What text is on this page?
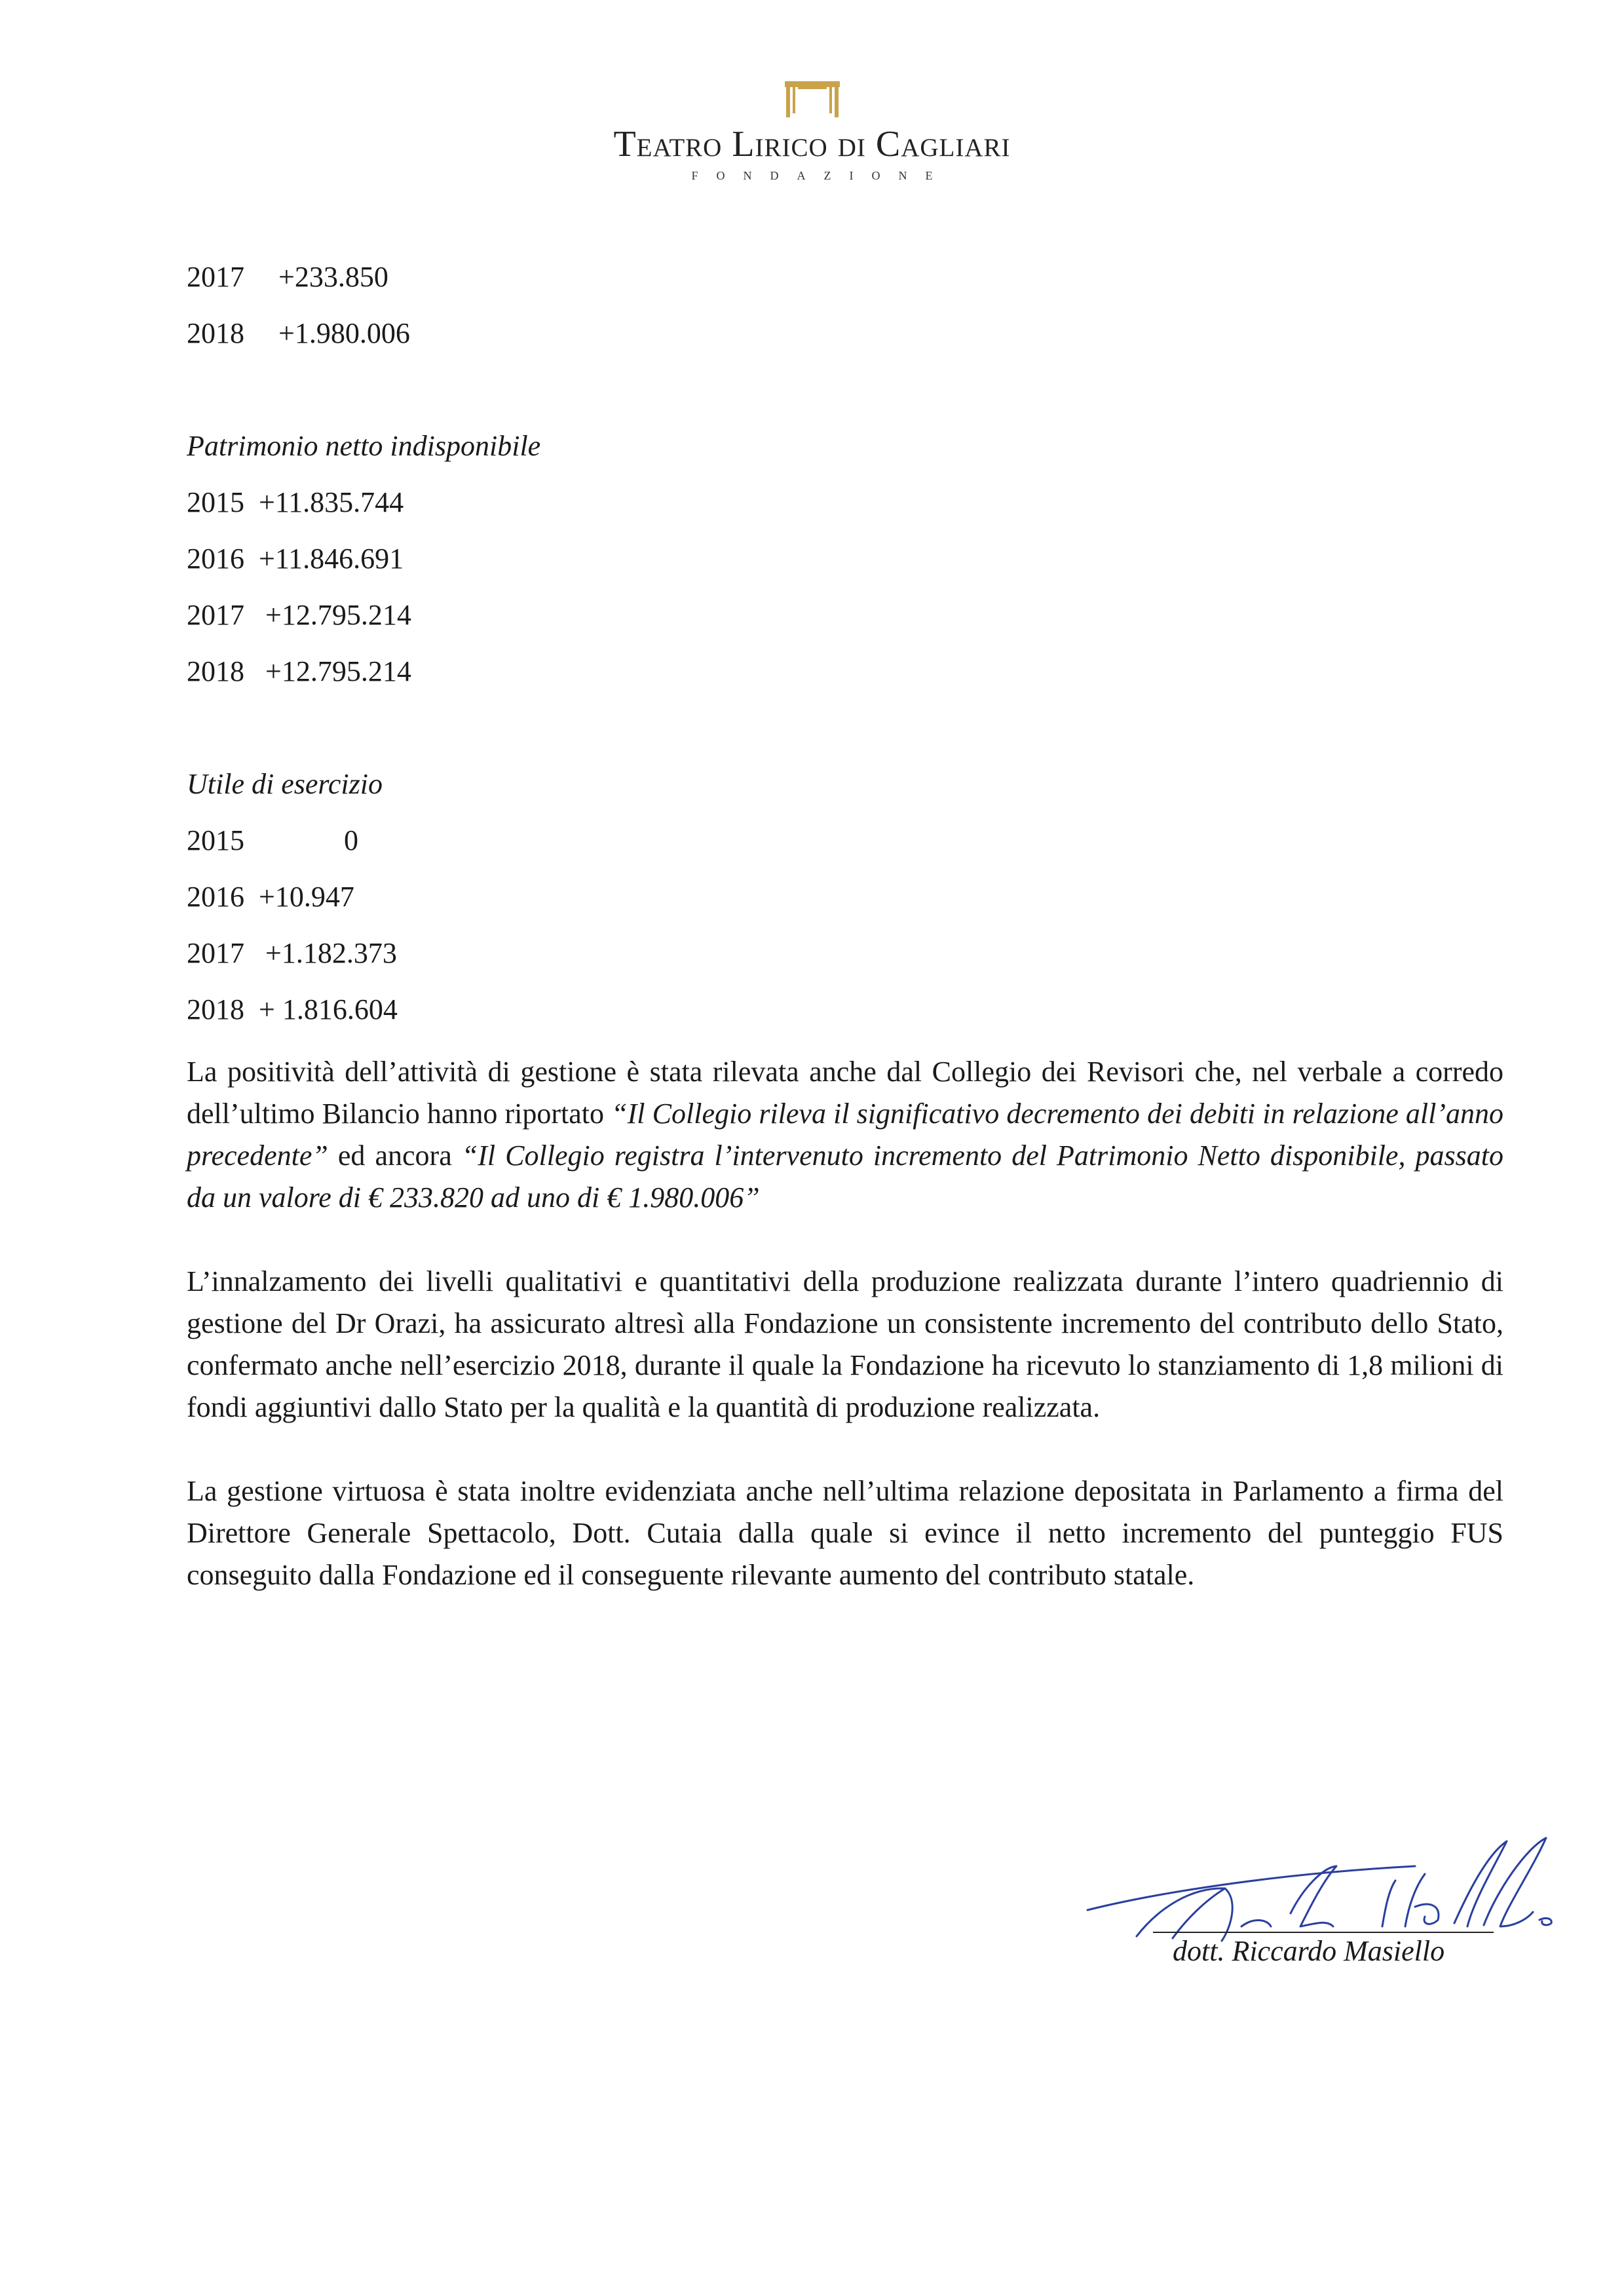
Teatro Lirico di Cagliari
FONDAZIONE
2017 +233.850
2018 +1.980.006
Patrimonio netto indisponibile
2015 +11.835.744
2016 +11.846.691
2017 +12.795.214
2018 +12.795.214
Utile di esercizio
2015	0
2016 +10.947
2017 +1.182.373
2018 + 1.816.604

La positività dell’attività di gestione è stata rilevata anche dal Collegio dei Revisori che, nel verbale a corredo dell’ultimo Bilancio hanno riportato “Il Collegio rileva il significativo decremento dei debiti in relazione all’anno precedente” ed ancora “Il Collegio registra l’intervenuto incremento del Patrimonio Netto disponibile, passato da un valore di € 233.820 ad uno di € 1.980.006”

L’innalzamento dei livelli qualitativi e quantitativi della produzione realizzata durante l’intero quadriennio di gestione del Dr Orazi, ha assicurato altresì alla Fondazione un consistente incremento del contributo dello Stato, confermato anche nell’esercizio 2018, durante il quale la Fondazione ha ricevuto lo stanziamento di 1,8 milioni di fondi aggiuntivi dallo Stato per la qualità e la quantità di produzione realizzata.

La gestione virtuosa è stata inoltre evidenziata anche nell’ultima relazione depositata in Parlamento a firma del Direttore Generale Spettacolo, Dott. Cutaia dalla quale si evince il netto incremento del punteggio FUS conseguito dalla Fondazione ed il conseguente rilevante aumento del contributo statale.

dott. Riccardo Masiello
